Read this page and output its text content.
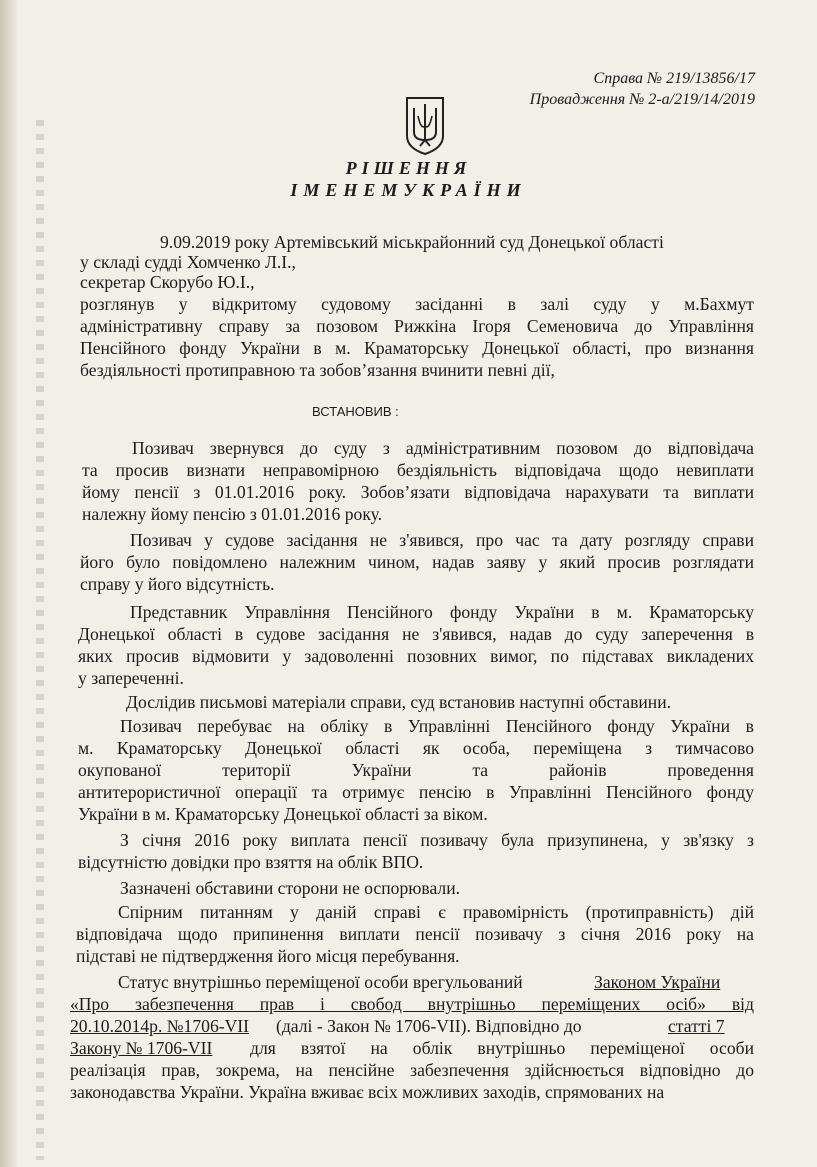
Справа № 219/13856/17
Провадження № 2-а/219/14/2019
РІШЕННЯ
ІМЕНЕМУКРАЇНИ
9.09.2019 року Артемівський міськрайонний суд Донецької області
у складі судді Хомченко Л.І.,
секретар Скорубо Ю.І.,
розглянув у відкритому судовому засіданні в залі суду у м.Бахмут
адміністративну справу за позовом Рижкіна Ігоря Семеновича до Управління
Пенсійного фонду України в м. Краматорську Донецької області, про визнання
бездіяльності протиправною та зобов’язання вчинити певні дії,
ВСТАНОВИВ :
Позивач звернувся до суду з адміністративним позовом до відповідача
та просив визнати неправомірною бездіяльність відповідача щодо невиплати
йому пенсії з 01.01.2016 року. Зобов’язати відповідача нарахувати та виплати
належну йому пенсію з 01.01.2016 року.
Позивач у судове засідання не з'явився, про час та дату розгляду справи
його було повідомлено належним чином, надав заяву у який просив розглядати
справу у його відсутність.
Представник Управління Пенсійного фонду України в м. Краматорську
Донецької області в судове засідання не з'явився, надав до суду заперечення в
яких просив відмовити у задоволенні позовних вимог, по підставах викладених
у запереченні.
Дослідив письмові матеріали справи, суд встановив наступні обставини.
Позивач перебуває на обліку в Управлінні Пенсійного фонду України в
м. Краматорську Донецької області як особа, переміщена з тимчасово
окупованої території України та районів проведення
антитерористичної операції та отримує пенсію в Управлінні Пенсійного фонду
України в м. Краматорську Донецької області за віком.
З січня 2016 року виплата пенсії позивачу була призупинена, у зв'язку з
відсутністю довідки про взяття на облік ВПО.
Зазначені обставини сторони не оспорювали.
Спірним питанням у даній справі є правомірність (протиправність) дій
відповідача щодо припинення виплати пенсії позивачу з січня 2016 року на
підставі не підтвердження його місця перебування.
Статус внутрішньо переміщеної особи врегульований	Законом України
«Про забезпечення прав і свобод внутрішньо переміщених осіб» від
20.10.2014р. №1706-VII (далі - Закон № 1706-VII). Відповідно до	статті 7
Закону № 1706-VII для взятої на облік внутрішньо переміщеної особи
реалізація прав, зокрема, на пенсійне забезпечення здійснюється відповідно до
законодавства України. Україна вживає всіх можливих заходів, спрямованих на
